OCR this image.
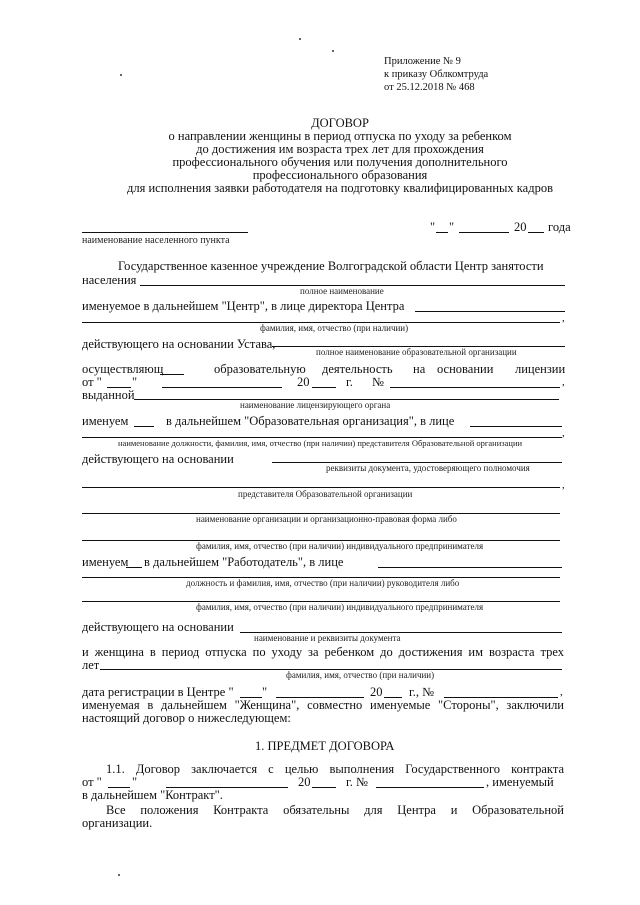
Приложение № 9
к приказу Облкомтруда
от 25.12.2018 № 468
ДОГОВОР
о направлении женщины в период отпуска по уходу за ребенком
до достижения им возраста трех лет для прохождения
профессионального обучения или получения дополнительного
профессионального образования
для исполнения заявки работодателя на подготовку квалифицированных кадров
наименование населенного пункта
" "	20 года
Государственное казенное учреждение Волгоградской области Центр занятости
населения
полное наименование
именуемое в дальнейшем "Центр", в лице директора Центра
,
фамилия, имя, отчество (при наличии)
действующего на основании Устава,
полное наименование образовательной организации
осуществляющ	образовательную деятельность на основании лицензии
от " "	20	г. №	,
выданной
наименование лицензирующего органа
именуем	в дальнейшем "Образовательная организация", в лице
,
наименование должности, фамилия, имя, отчество (при наличии) представителя Образовательной организации
действующего на основании
реквизиты документа, удостоверяющего полномочия
,
представителя Образовательной организации
наименование организации и организационно-правовая форма либо
фамилия, имя, отчество (при наличии) индивидуального предпринимателя
именуем в дальнейшем "Работодатель", в лице
должность и фамилия, имя, отчество (при наличии) руководителя либо
фамилия, имя, отчество (при наличии) индивидуального предпринимателя
действующего на основании
наименование и реквизиты документа
и женщина в период отпуска по уходу за ребенком до достижения им возраста трех
лет
фамилия, имя, отчество (при наличии)
дата регистрации в Центре " "	20 г., №	,
именуемая в дальнейшем "Женщина", совместно именуемые "Стороны", заключили
настоящий договор о нижеследующем:
1. ПРЕДМЕТ ДОГОВОРА
1.1. Договор заключается с целью выполнения Государственного контракта
от " "	20	г. №	, именуемый
в дальнейшем "Контракт".
Все положения Контракта обязательны для Центра и Образовательной
организации.
